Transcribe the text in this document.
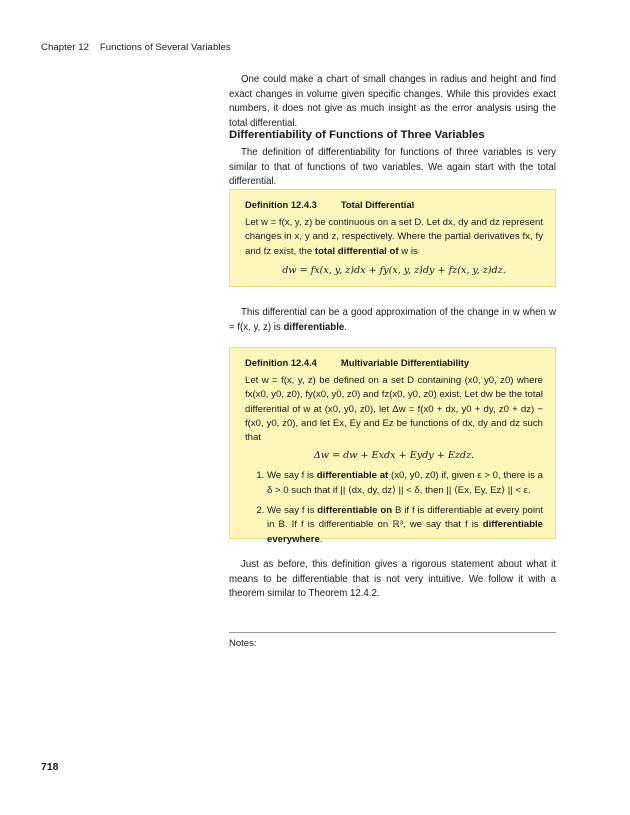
Chapter 12 Functions of Several Variables
One could make a chart of small changes in radius and height and find exact changes in volume given specific changes. While this provides exact numbers, it does not give as much insight as the error analysis using the total differential.
Differentiability of Functions of Three Variables
The definition of differentiability for functions of three variables is very similar to that of functions of two variables. We again start with the total differential.
Definition 12.4.3	Total Differential
Let w = f(x, y, z) be continuous on a set D. Let dx, dy and dz represent changes in x, y and z, respectively. Where the partial derivatives fx, fy and fz exist, the total differential of w is
dw = fx(x, y, z)dx + fy(x, y, z)dy + fz(x, y, z)dz.
This differential can be a good approximation of the change in w when w = f(x, y, z) is differentiable.
Definition 12.4.4	Multivariable Differentiability
Let w = f(x, y, z) be defined on a set D containing (x0, y0, z0) where fx(x0, y0, z0), fy(x0, y0, z0) and fz(x0, y0, z0) exist. Let dw be the total differential of w at (x0, y0, z0), let Δw = f(x0 + dx, y0 + dy, z0 + dz) − f(x0, y0, z0), and let Ex, Ey and Ez be functions of dx, dy and dz such that
Δw = dw + Exdx + Eydy + Ezdz.
1. We say f is differentiable at (x0, y0, z0) if, given ε > 0, there is a δ > 0 such that if || ⟨dx, dy, dz⟩ || < δ, then || ⟨Ex, Ey, Ez⟩ || < ε.
2. We say f is differentiable on B if f is differentiable at every point in B. If f is differentiable on ℝ³, we say that f is differentiable everywhere.
Just as before, this definition gives a rigorous statement about what it means to be differentiable that is not very intuitive. We follow it with a theorem similar to Theorem 12.4.2.
Notes:
718
